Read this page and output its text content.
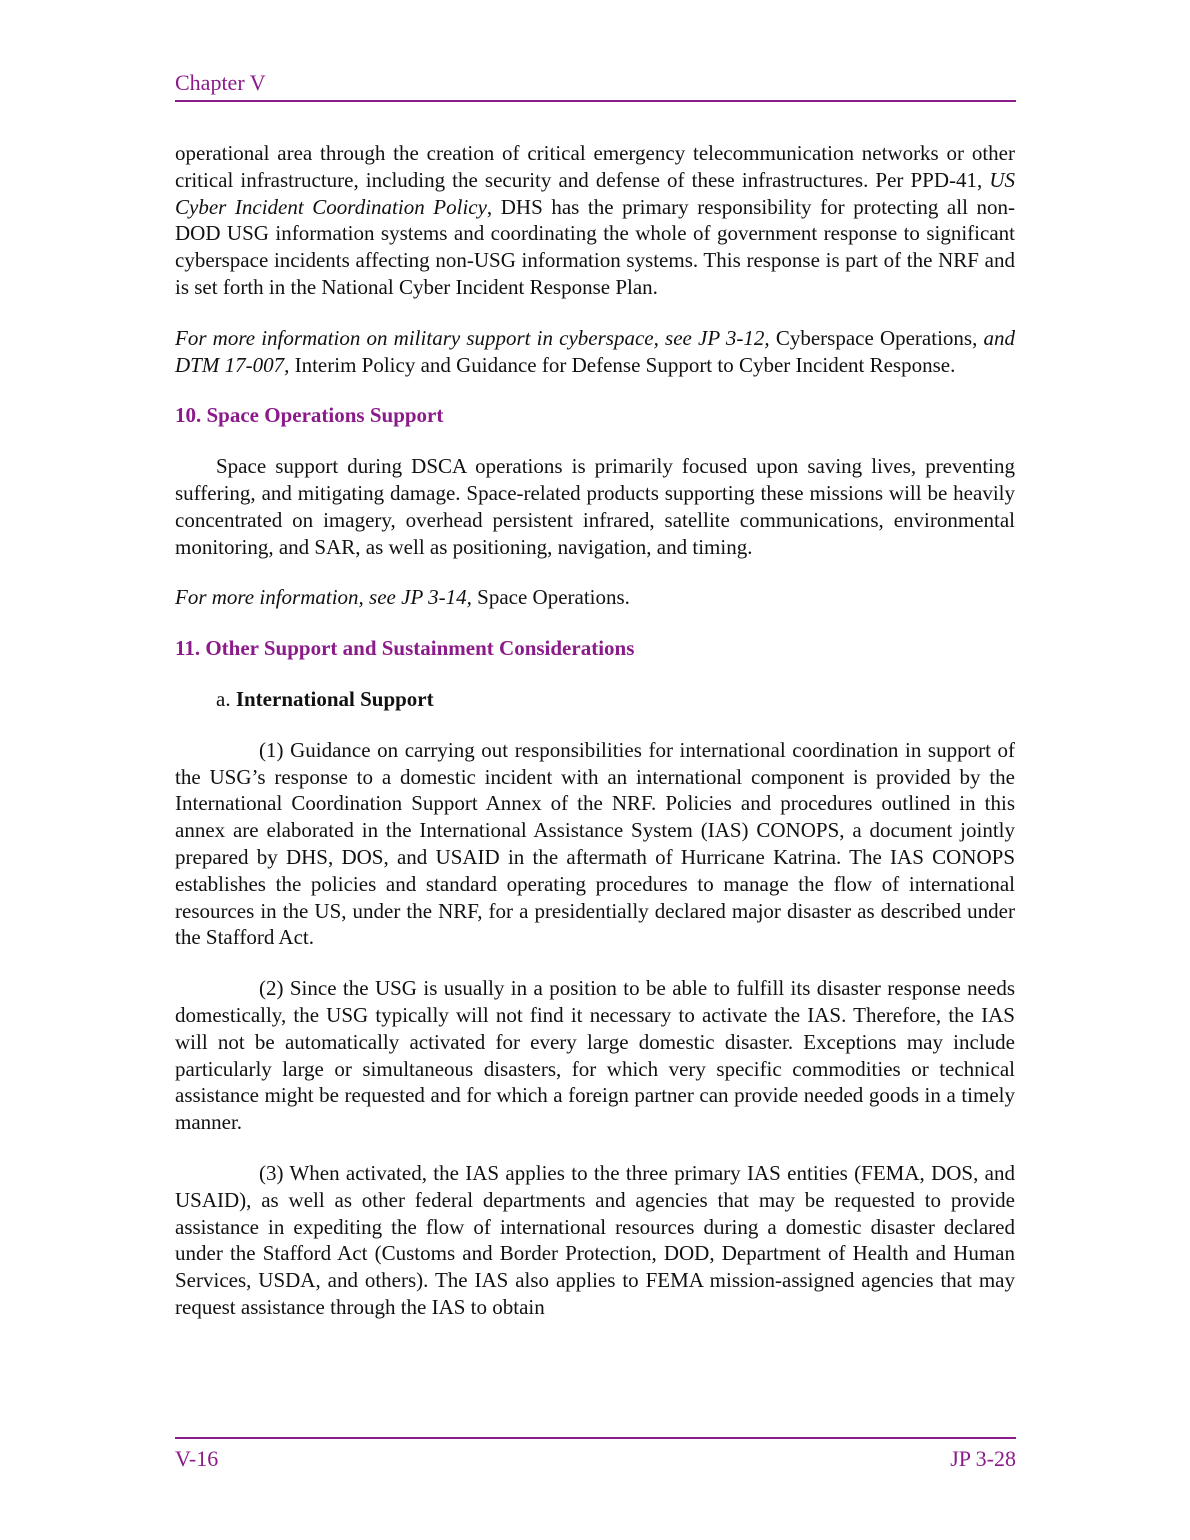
Chapter V

operational area through the creation of critical emergency telecommunication networks or other critical infrastructure, including the security and defense of these infrastructures. Per PPD-41, US Cyber Incident Coordination Policy, DHS has the primary responsibility for protecting all non-DOD USG information systems and coordinating the whole of government response to significant cyberspace incidents affecting non-USG information systems. This response is part of the NRF and is set forth in the National Cyber Incident Response Plan.

For more information on military support in cyberspace, see JP 3-12, Cyberspace Operations, and DTM 17-007, Interim Policy and Guidance for Defense Support to Cyber Incident Response.

10. Space Operations Support

Space support during DSCA operations is primarily focused upon saving lives, preventing suffering, and mitigating damage. Space-related products supporting these missions will be heavily concentrated on imagery, overhead persistent infrared, satellite communications, environmental monitoring, and SAR, as well as positioning, navigation, and timing.

For more information, see JP 3-14, Space Operations.

11. Other Support and Sustainment Considerations

a. International Support

(1) Guidance on carrying out responsibilities for international coordination in support of the USG’s response to a domestic incident with an international component is provided by the International Coordination Support Annex of the NRF. Policies and procedures outlined in this annex are elaborated in the International Assistance System (IAS) CONOPS, a document jointly prepared by DHS, DOS, and USAID in the aftermath of Hurricane Katrina. The IAS CONOPS establishes the policies and standard operating procedures to manage the flow of international resources in the US, under the NRF, for a presidentially declared major disaster as described under the Stafford Act.

(2) Since the USG is usually in a position to be able to fulfill its disaster response needs domestically, the USG typically will not find it necessary to activate the IAS. Therefore, the IAS will not be automatically activated for every large domestic disaster. Exceptions may include particularly large or simultaneous disasters, for which very specific commodities or technical assistance might be requested and for which a foreign partner can provide needed goods in a timely manner.

(3) When activated, the IAS applies to the three primary IAS entities (FEMA, DOS, and USAID), as well as other federal departments and agencies that may be requested to provide assistance in expediting the flow of international resources during a domestic disaster declared under the Stafford Act (Customs and Border Protection, DOD, Department of Health and Human Services, USDA, and others). The IAS also applies to FEMA mission-assigned agencies that may request assistance through the IAS to obtain

V-16	JP 3-28
